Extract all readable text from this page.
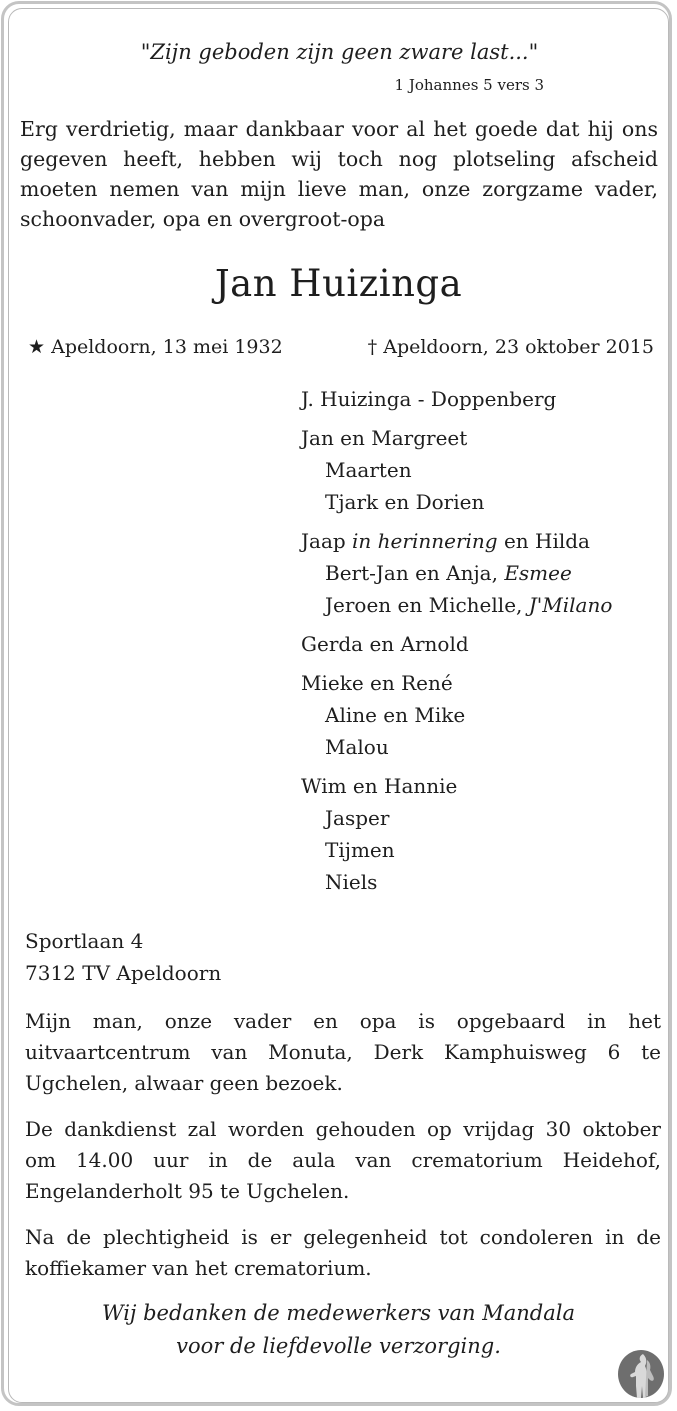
"Zijn geboden zijn geen zware last..."
1 Johannes 5 vers 3
Erg verdrietig, maar dankbaar voor al het goede dat hij ons
gegeven heeft, hebben wij toch nog plotseling afscheid
moeten nemen van mijn lieve man, onze zorgzame vader,
schoonvader, opa en overgroot-opa
Jan Huizinga
★ Apeldoorn, 13 mei 1932	† Apeldoorn, 23 oktober 2015
J. Huizinga - Doppenberg
Jan en Margreet
Maarten
Tjark en Dorien
Jaap in herinnering en Hilda
Bert-Jan en Anja, Esmee
Jeroen en Michelle, J'Milano
Gerda en Arnold
Mieke en René
Aline en Mike
Malou
Wim en Hannie
Jasper
Tijmen
Niels
Sportlaan 4
7312 TV Apeldoorn
Mijn man, onze vader en opa is opgebaard in het
uitvaartcentrum van Monuta, Derk Kamphuisweg 6 te
Ugchelen, alwaar geen bezoek.
De dankdienst zal worden gehouden op vrijdag 30 oktober
om 14.00 uur in de aula van crematorium Heidehof,
Engelanderholt 95 te Ugchelen.
Na de plechtigheid is er gelegenheid tot condoleren in de
koffiekamer van het crematorium.
Wij bedanken de medewerkers van Mandala
voor de liefdevolle verzorging.
